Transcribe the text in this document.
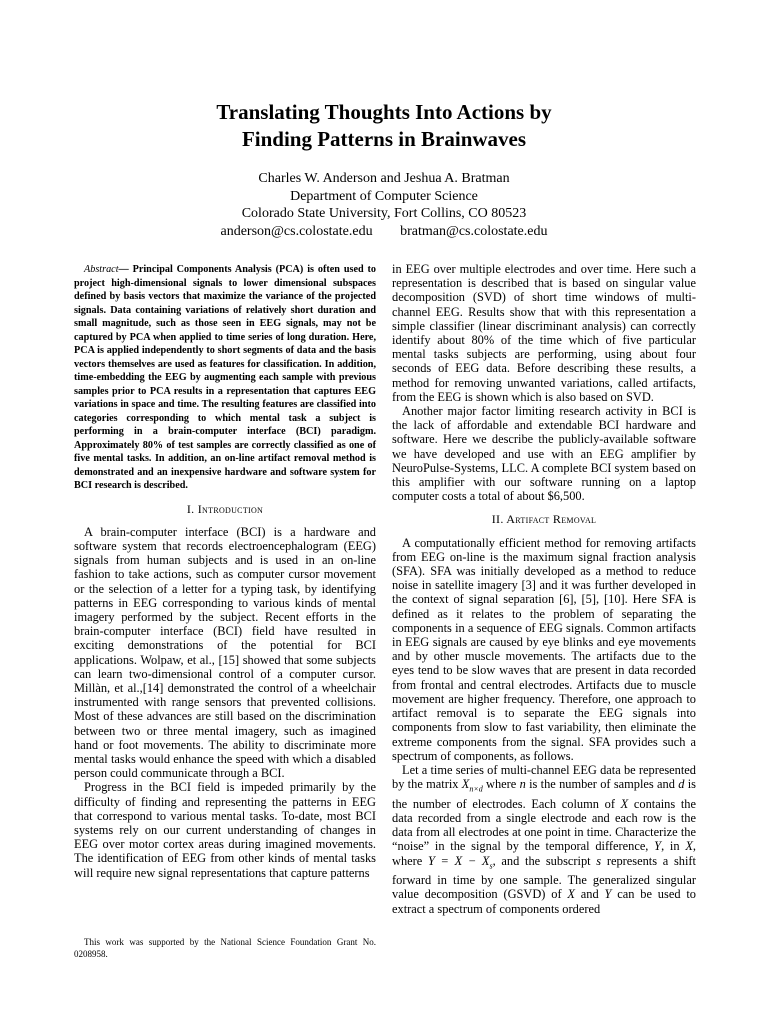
Translating Thoughts Into Actions by
Finding Patterns in Brainwaves
Charles W. Anderson and Jeshua A. Bratman
Department of Computer Science
Colorado State University, Fort Collins, CO 80523
anderson@cs.colostate.edu bratman@cs.colostate.edu

Abstract— Principal Components Analysis (PCA) is often used to project high-dimensional signals to lower dimensional subspaces defined by basis vectors that maximize the variance of the projected signals. Data containing variations of relatively short duration and small magnitude, such as those seen in EEG signals, may not be captured by PCA when applied to time series of long duration. Here, PCA is applied independently to short segments of data and the basis vectors themselves are used as features for classification. In addition, time-embedding the EEG by augmenting each sample with previous samples prior to PCA results in a representation that captures EEG variations in space and time. The resulting features are classified into categories corresponding to which mental task a subject is performing in a brain-computer interface (BCI) paradigm. Approximately 80% of test samples are correctly classified as one of five mental tasks. In addition, an on-line artifact removal method is demonstrated and an inexpensive hardware and software system for BCI research is described.

I. Introduction

A brain-computer interface (BCI) is a hardware and software system that records electroencephalogram (EEG) signals from human subjects and is used in an on-line fashion to take actions, such as computer cursor movement or the selection of a letter for a typing task, by identifying patterns in EEG corresponding to various kinds of mental imagery performed by the subject. Recent efforts in the brain-computer interface (BCI) field have resulted in exciting demonstrations of the potential for BCI applications. Wolpaw, et al., [15] showed that some subjects can learn two-dimensional control of a computer cursor. Millàn, et al.,[14] demonstrated the control of a wheelchair instrumented with range sensors that prevented collisions. Most of these advances are still based on the discrimination between two or three mental imagery, such as imagined hand or foot movements. The ability to discriminate more mental tasks would enhance the speed with which a disabled person could communicate through a BCI.

Progress in the BCI field is impeded primarily by the difficulty of finding and representing the patterns in EEG that correspond to various mental tasks. To-date, most BCI systems rely on our current understanding of changes in EEG over motor cortex areas during imagined movements. The identification of EEG from other kinds of mental tasks will require new signal representations that capture patterns

This work was supported by the National Science Foundation Grant No. 0208958.

in EEG over multiple electrodes and over time. Here such a representation is described that is based on singular value decomposition (SVD) of short time windows of multi-channel EEG. Results show that with this representation a simple classifier (linear discriminant analysis) can correctly identify about 80% of the time which of five particular mental tasks subjects are performing, using about four seconds of EEG data. Before describing these results, a method for removing unwanted variations, called artifacts, from the EEG is shown which is also based on SVD.

Another major factor limiting research activity in BCI is the lack of affordable and extendable BCI hardware and software. Here we describe the publicly-available software we have developed and use with an EEG amplifier by NeuroPulse-Systems, LLC. A complete BCI system based on this amplifier with our software running on a laptop computer costs a total of about $6,500.

II. Artifact Removal

A computationally efficient method for removing artifacts from EEG on-line is the maximum signal fraction analysis (SFA). SFA was initially developed as a method to reduce noise in satellite imagery [3] and it was further developed in the context of signal separation [6], [5], [10]. Here SFA is defined as it relates to the problem of separating the components in a sequence of EEG signals. Common artifacts in EEG signals are caused by eye blinks and eye movements and by other muscle movements. The artifacts due to the eyes tend to be slow waves that are present in data recorded from frontal and central electrodes. Artifacts due to muscle movement are higher frequency. Therefore, one approach to artifact removal is to separate the EEG signals into components from slow to fast variability, then eliminate the extreme components from the signal. SFA provides such a spectrum of components, as follows.

Let a time series of multi-channel EEG data be represented by the matrix $X_{n\times d}$ where n is the number of samples and d is the number of electrodes. Each column of X contains the data recorded from a single electrode and each row is the data from all electrodes at one point in time. Characterize the “noise” in the signal by the temporal difference, Y, in X, where $Y = X - X_s$, and the subscript s represents a shift forward in time by one sample. The generalized singular value decomposition (GSVD) of X and Y can be used to extract a spectrum of components ordered
